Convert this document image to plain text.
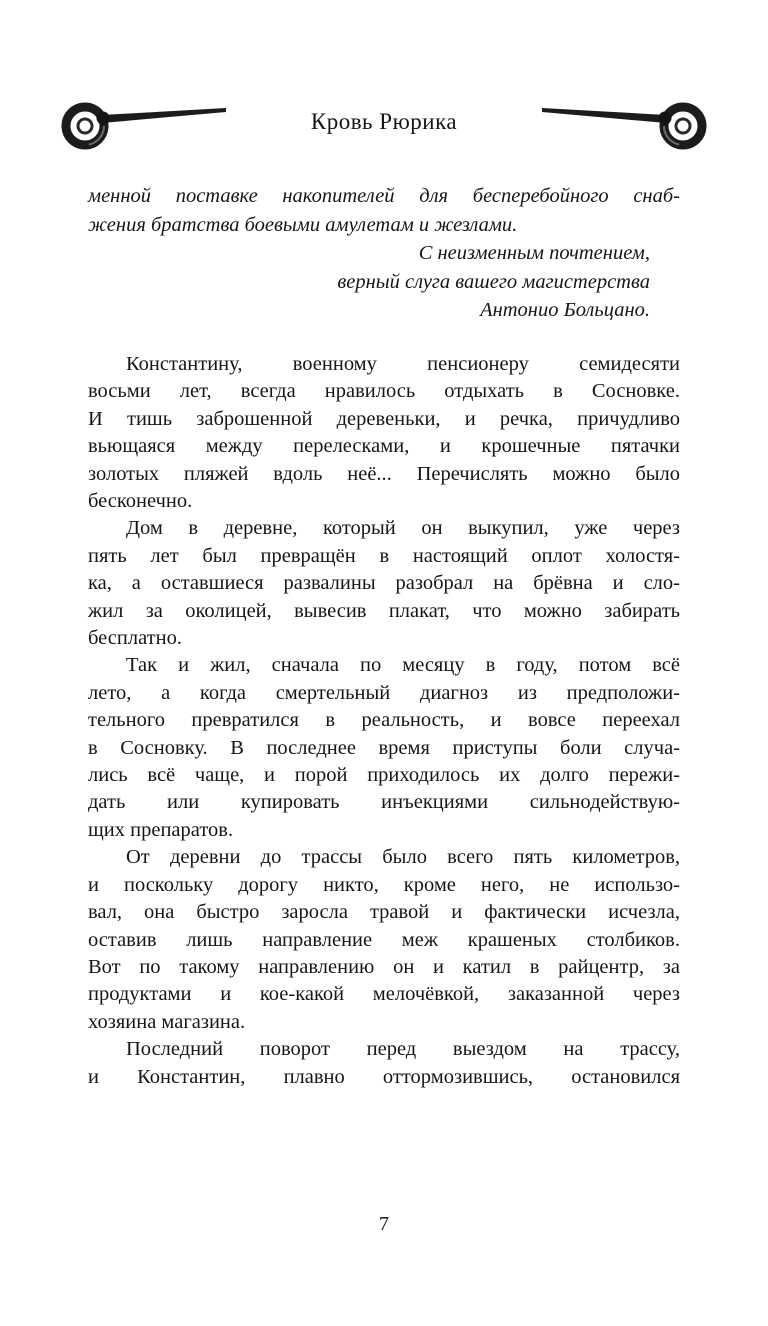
Кровь Рюрика
менной поставке накопителей для бесперебойного снаб-
жения братства боевыми амулетам и жезлами.
С неизменным почтением,
верный слуга вашего магистерства
Антонио Больцано.
Константину, военному пенсионеру семидесяти
восьми лет, всегда нравилось отдыхать в Сосновке.
И тишь заброшенной деревеньки, и речка, причудливо
вьющаяся между перелесками, и крошечные пятачки
золотых пляжей вдоль неё... Перечислять можно было
бесконечно.
Дом в деревне, который он выкупил, уже через
пять лет был превращён в настоящий оплот холостя-
ка, а оставшиеся развалины разобрал на брёвна и сло-
жил за околицей, вывесив плакат, что можно забирать
бесплатно.
Так и жил, сначала по месяцу в году, потом всё
лето, а когда смертельный диагноз из предположи-
тельного превратился в реальность, и вовсе переехал
в Сосновку. В последнее время приступы боли случа-
лись всё чаще, и порой приходилось их долго пережи-
дать или купировать инъекциями сильнодействую-
щих препаратов.
От деревни до трассы было всего пять километров,
и поскольку дорогу никто, кроме него, не использо-
вал, она быстро заросла травой и фактически исчезла,
оставив лишь направление меж крашеных столбиков.
Вот по такому направлению он и катил в райцентр, за
продуктами и кое-какой мелочёвкой, заказанной через
хозяина магазина.
Последний поворот перед выездом на трассу,
и Константин, плавно оттормозившись, остановился
7
